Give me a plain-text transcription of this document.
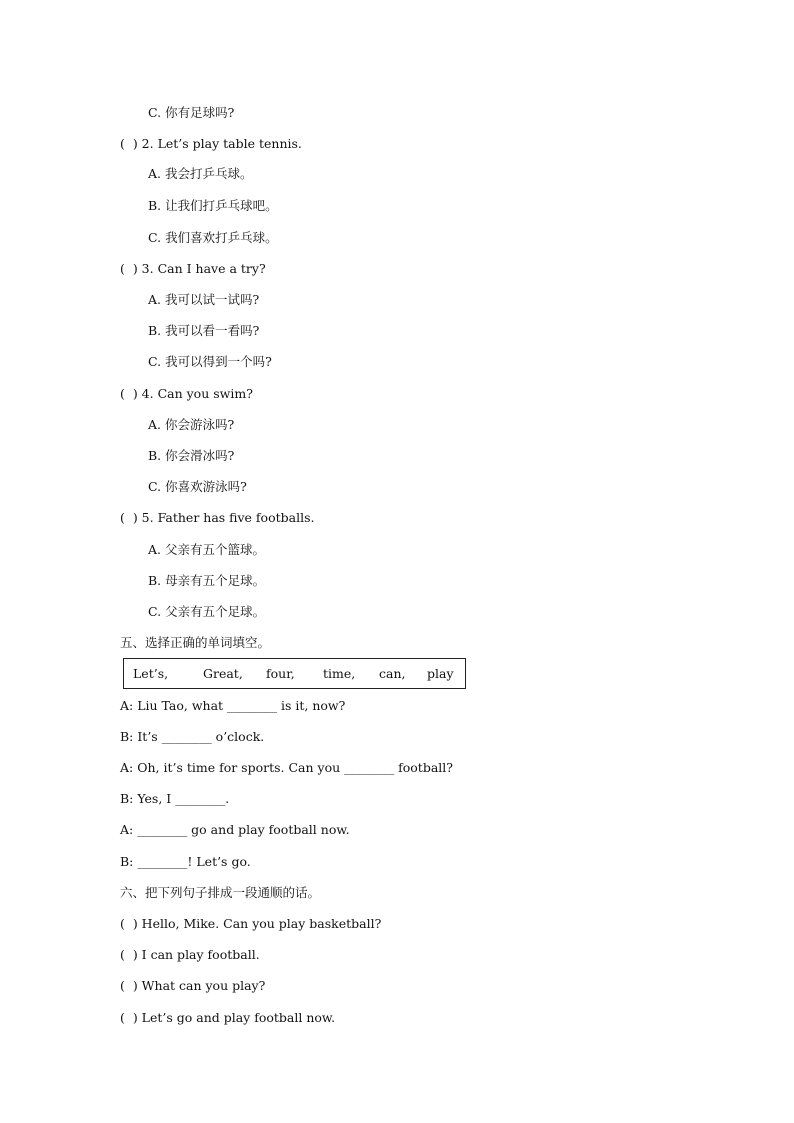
C. 你有足球吗?
(  ) 2. Let’s play table tennis.
A. 我会打乒乓球。
B. 让我们打乒乓球吧。
C. 我们喜欢打乒乓球。
(  ) 3. Can I have a try?
A. 我可以试一试吗?
B. 我可以看一看吗?
C. 我可以得到一个吗?
(  ) 4. Can you swim?
A. 你会游泳吗?
B. 你会滑冰吗?
C. 你喜欢游泳吗?
(  ) 5. Father has five footballs.
A. 父亲有五个篮球。
B. 母亲有五个足球。
C. 父亲有五个足球。
五、选择正确的单词填空。
Let’s,	Great, four, time, can, play
A: Liu Tao, what ________ is it, now?
B: It’s ________ o’clock.
A: Oh, it’s time for sports. Can you ________ football?
B: Yes, I ________.
A: ________ go and play football now.
B: ________! Let’s go.
六、把下列句子排成一段通顺的话。
(  ) Hello, Mike. Can you play basketball?
(  ) I can play football.
(  ) What can you play?
(  ) Let’s go and play football now.
